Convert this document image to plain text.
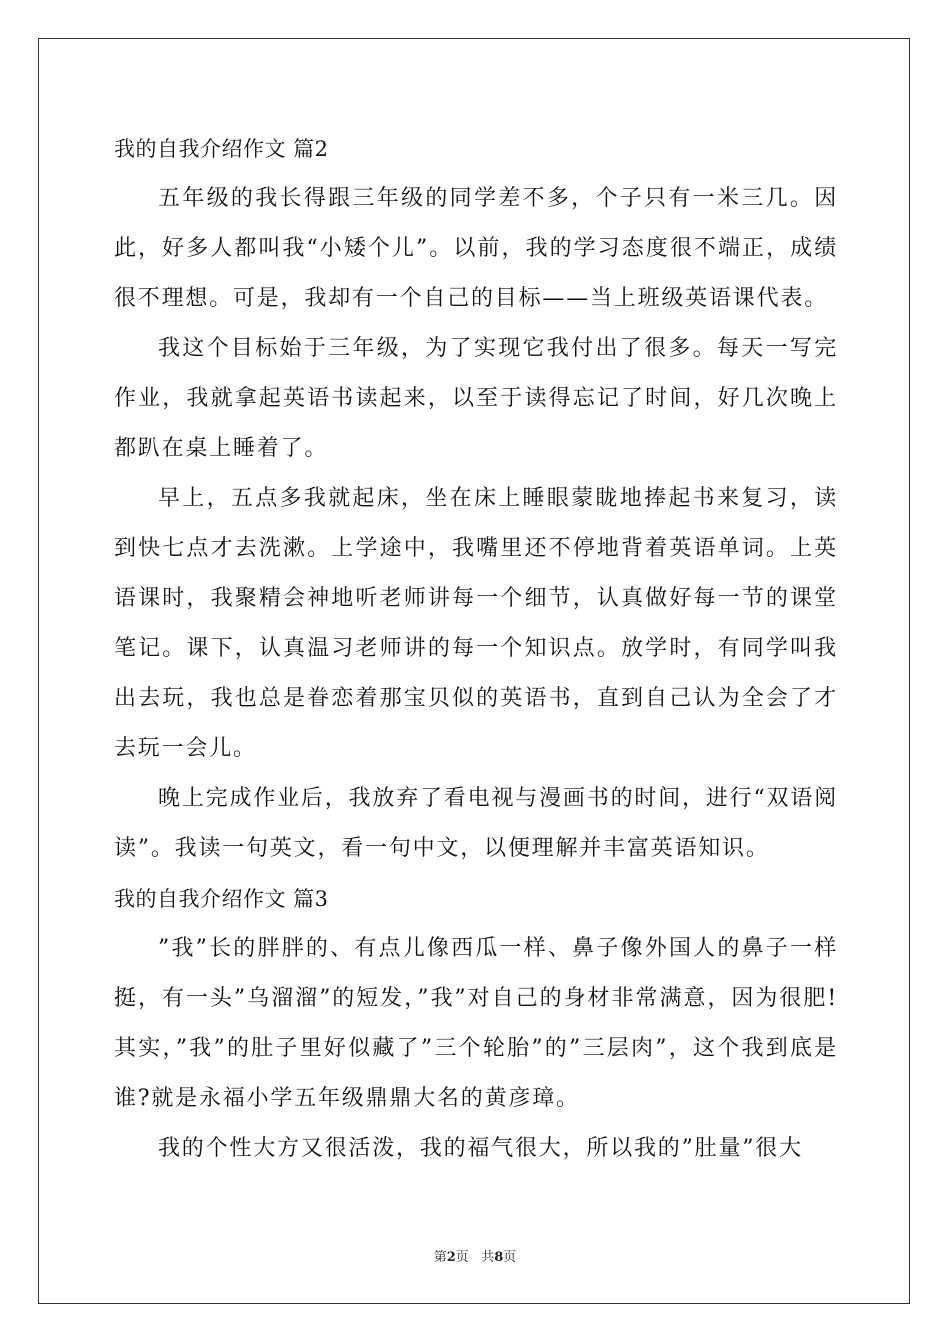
我的自我介绍作文 篇2

五年级的我长得跟三年级的同学差不多，个子只有一米三几。因此，好多人都叫我“小矮个儿”。以前，我的学习态度很不端正，成绩很不理想。可是，我却有一个自己的目标——当上班级英语课代表。

我这个目标始于三年级，为了实现它我付出了很多。每天一写完作业，我就拿起英语书读起来，以至于读得忘记了时间，好几次晚上都趴在桌上睡着了。

早上，五点多我就起床，坐在床上睡眼蒙眬地捧起书来复习，读到快七点才去洗漱。上学途中，我嘴里还不停地背着英语单词。上英语课时，我聚精会神地听老师讲每一个细节，认真做好每一节的课堂笔记。课下，认真温习老师讲的每一个知识点。放学时，有同学叫我出去玩，我也总是眷恋着那宝贝似的英语书，直到自己认为全会了才去玩一会儿。

晚上完成作业后，我放弃了看电视与漫画书的时间，进行“双语阅读”。我读一句英文，看一句中文，以便理解并丰富英语知识。

我的自我介绍作文 篇3

”我”长的胖胖的、有点儿像西瓜一样、鼻子像外国人的鼻子一样挺，有一头”乌溜溜”的短发，”我”对自己的身材非常满意，因为很肥!其实，”我”的肚子里好似藏了”三个轮胎”的”三层肉”，这个我到底是谁?就是永福小学五年级鼎鼎大名的黄彦璋。

我的个性大方又很活泼，我的福气很大，所以我的”肚量”很大

第2页   共8页
